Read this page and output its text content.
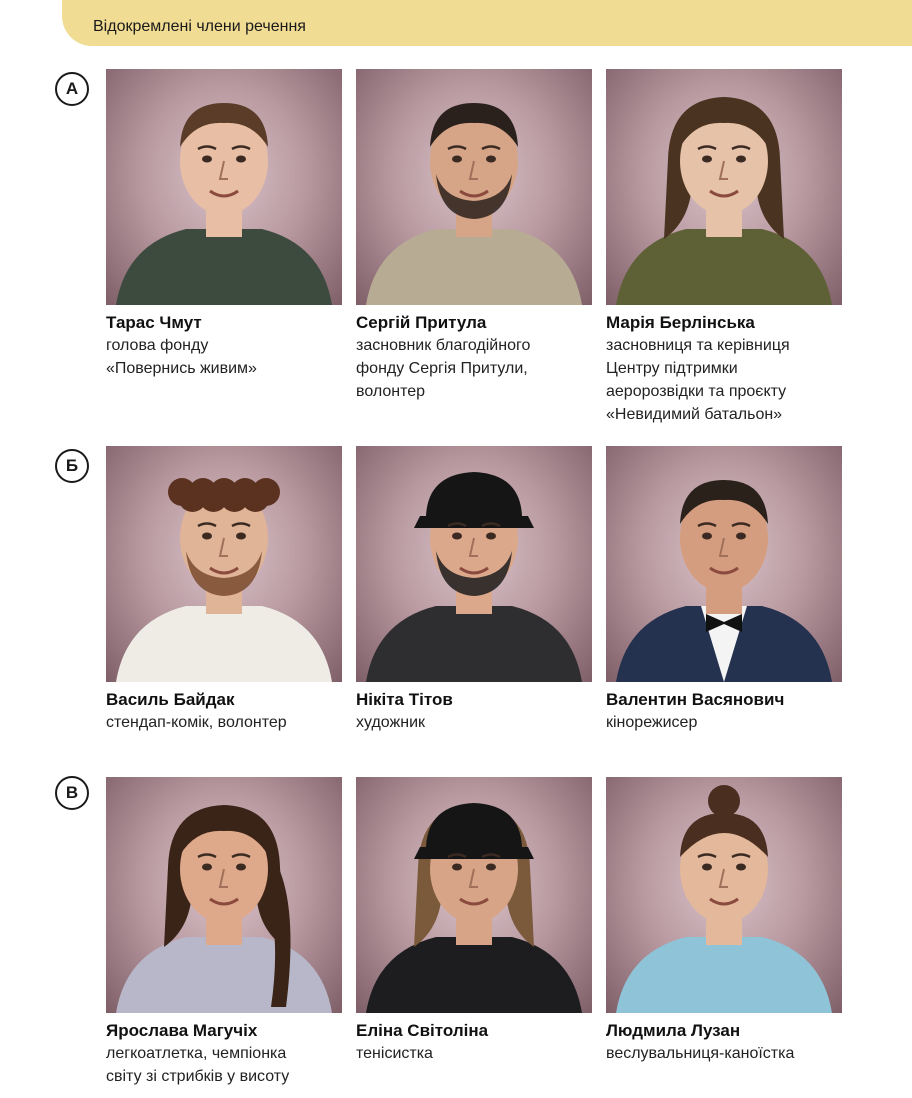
Відокремлені члени речення
А
Тарас Чмут
голова фонду
«Повернись живим»
Сергій Притула
засновник благодійного
фонду Сергія Притули,
волонтер
Марія Берлінська
засновниця та керівниця
Центру підтримки
аеророзвідки та проєкту
«Невидимий батальон»
Б
Василь Байдак
стендап-комік, волонтер
Нікіта Тітов
художник
Валентин Васянович
кінорежисер
В
Ярослава Магучіх
легкоатлетка, чемпіонка
світу зі стрибків у висоту
Еліна Світоліна
тенісистка
Людмила Лузан
веслувальниця-каноїстка
